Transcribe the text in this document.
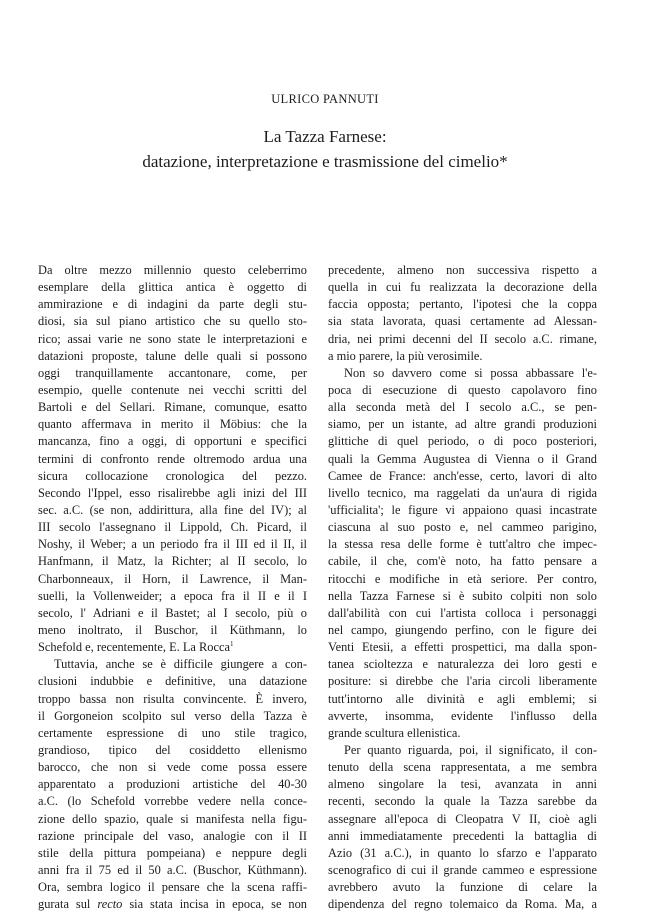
ULRICO PANNUTI
La Tazza Farnese:
datazione, interpretazione e trasmissione del cimelio*
Da oltre mezzo millennio questo celeberrimo
esemplare della glittica antica è oggetto di
ammirazione e di indagini da parte degli stu-
diosi, sia sul piano artistico che su quello sto-
rico; assai varie ne sono state le interpretazioni e
datazioni proposte, talune delle quali si possono
oggi tranquillamente accantonare, come, per
esempio, quelle contenute nei vecchi scritti del
Bartoli e del Sellari. Rimane, comunque, esatto
quanto affermava in merito il Möbius: che la
mancanza, fino a oggi, di opportuni e specifici
termini di confronto rende oltremodo ardua una
sicura collocazione cronologica del pezzo.
Secondo l'Ippel, esso risalirebbe agli inizi del III
sec. a.C. (se non, addirittura, alla fine del IV); al
III secolo l'assegnano il Lippold, Ch. Picard, il
Noshy, il Weber; a un periodo fra il III ed il II, il
Hanfmann, il Matz, la Richter; al II secolo, lo
Charbonneaux, il Horn, il Lawrence, il Man-
suelli, la Vollenweider; a epoca fra il II e il I
secolo, l' Adriani e il Bastet; al I secolo, più o
meno inoltrato, il Buschor, il Küthmann, lo
Schefold e, recentemente, E. La Rocca$^1$
Tuttavia, anche se è difficile giungere a con-
clusioni indubbie e definitive, una datazione
troppo bassa non risulta convincente. È invero,
il Gorgoneion scolpito sul verso della Tazza è
certamente espressione di uno stile tragico,
grandioso, tipico del cosiddetto ellenismo
barocco, che non si vede come possa essere
apparentato a produzioni artistiche del 40-30
a.C. (lo Schefold vorrebbe vedere nella conce-
zione dello spazio, quale si manifesta nella figu-
razione principale del vaso, analogie con il II
stile della pittura pompeiana) e neppure degli
anni fra il 75 ed il 50 a.C. (Buschor, Küthmann).
Ora, sembra logico il pensare che la scena raffi-
gurata sul recto sia stata incisa in epoca, se non
precedente, almeno non successiva rispetto a
quella in cui fu realizzata la decorazione della
faccia opposta; pertanto, l'ipotesi che la coppa
sia stata lavorata, quasi certamente ad Alessan-
dria, nei primi decenni del II secolo a.C. rimane,
a mio parere, la più verosimile.
Non so davvero come si possa abbassare l'e-
poca di esecuzione di questo capolavoro fino
alla seconda metà del I secolo a.C., se pen-
siamo, per un istante, ad altre grandi produzioni
glittiche di quel periodo, o di poco posteriori,
quali la Gemma Augustea di Vienna o il Grand
Camee de France: anch'esse, certo, lavori di alto
livello tecnico, ma raggelati da un'aura di rigida
'ufficialita'; le figure vi appaiono quasi incastrate
ciascuna al suo posto e, nel cammeo parigino,
la stessa resa delle forme è tutt'altro che impec-
cabile, il che, com'è noto, ha fatto pensare a
ritocchi e modifiche in età seriore. Per contro,
nella Tazza Farnese si è subito colpiti non solo
dall'abilità con cui l'artista colloca i personaggi
nel campo, giungendo perfino, con le figure dei
Venti Etesii, a effetti prospettici, ma dalla spon-
tanea scioltezza e naturalezza dei loro gesti e
positure: si direbbe che l'aria circoli liberamente
tutt'intorno alle divinità e agli emblemi; si
avverte, insomma, evidente l'influsso della
grande scultura ellenistica.
Per quanto riguarda, poi, il significato, il con-
tenuto della scena rappresentata, a me sembra
almeno singolare la tesi, avanzata in anni
recenti, secondo la quale la Tazza sarebbe da
assegnare all'epoca di Cleopatra V II, cioè agli
anni immediatamente precedenti la battaglia di
Azio (31 a.C.), in quanto lo sfarzo e l'apparato
scenografico di cui il grande cammeo e espressione
avrebbero avuto la funzione di celare la
dipendenza del regno tolemaico da Roma. Ma, a
